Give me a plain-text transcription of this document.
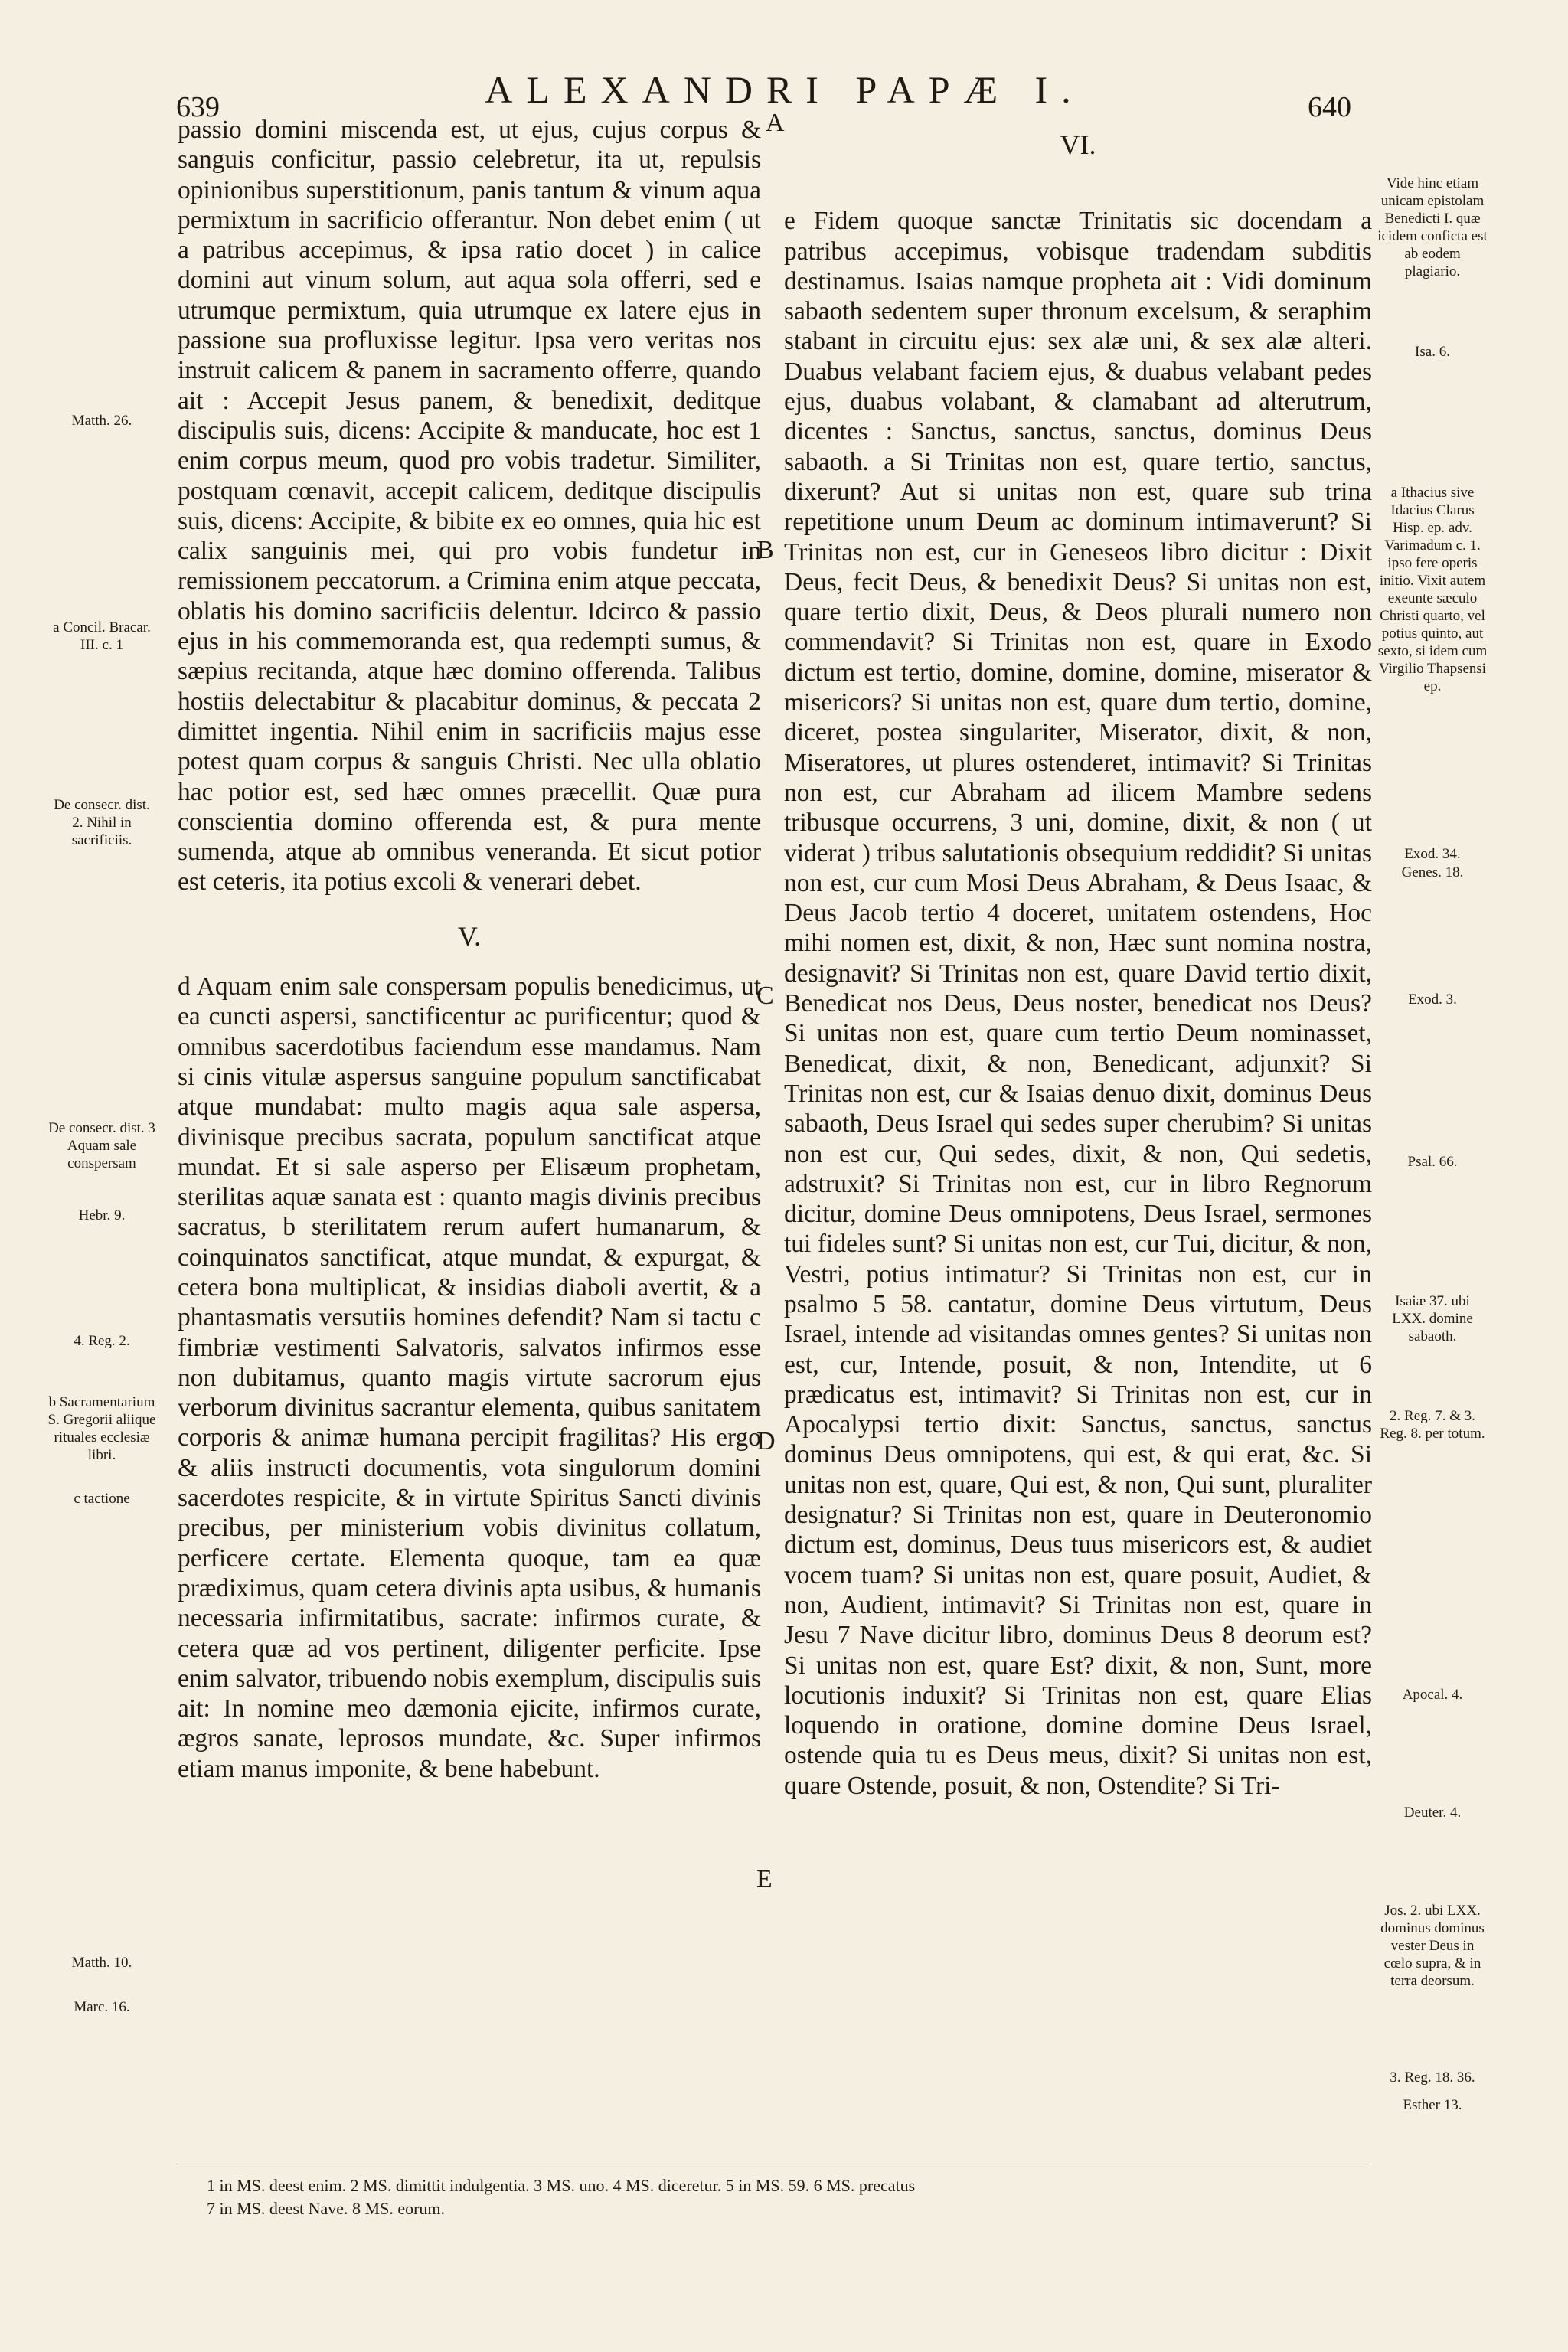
639	ALEXANDRI PAPÆ I.	640

passio domini miscenda est, ut ejus, cujus corpus & sanguis conficitur, passio celebretur, ita ut, repulsis opinionibus superstitionum, panis tantum & vinum aqua permixtum in sacrificio offerantur. Non debet enim ( ut a patribus accepimus, & ipsa ratio docet ) in calice domini aut vinum solum, aut aqua sola offerri, sed e utrumque permixtum, quia utrumque ex latere ejus in passione sua profluxisse legitur. Ipsa vero veritas nos instruit calicem & panem in sacramento offerre, quando ait : Accepit Jesus panem, & benedixit, deditque discipulis suis, dicens: Accipite & manducate, hoc est 1 enim corpus meum, quod pro vobis tradetur. Similiter, postquam cœnavit, accepit calicem, deditque discipulis suis, dicens: Accipite, & bibite ex eo omnes, quia hic est calix sanguinis mei, qui pro vobis fundetur in remissionem peccatorum. a Crimina enim atque peccata, oblatis his domino sacrificiis delentur. Idcirco & passio ejus in his commemoranda est, qua redempti sumus, & sæpius recitanda, atque hæc domino offerenda. Talibus hostiis delectabitur & placabitur dominus, & peccata 2 dimittet ingentia. Nihil enim in sacrificiis majus esse potest quam corpus & sanguis Christi. Nec ulla oblatio hac potior est, sed hæc omnes præcellit. Quæ pura conscientia domino offerenda est, & pura mente sumenda, atque ab omnibus veneranda. Et sicut potior est ceteris, ita potius excoli & venerari debet.

V.

d Aquam enim sale conspersam populis benedicimus, ut ea cuncti aspersi, sanctificentur ac purificentur; quod & omnibus sacerdotibus faciendum esse mandamus. Nam si cinis vitulæ aspersus sanguine populum sanctificabat atque mundabat: multo magis aqua sale aspersa, divinisque precibus sacrata, populum sanctificat atque mundat. Et si sale asperso per Elisæum prophetam, sterilitas aquæ sanata est : quanto magis divinis precibus sacratus, b sterilitatem rerum aufert humanarum, & coinquinatos sanctificat, atque mundat, & expurgat, & cetera bona multiplicat, & insidias diaboli avertit, & a phantasmatis versutiis homines defendit? Nam si tactu c fimbriæ vestimenti Salvatoris, salvatos infirmos esse non dubitamus, quanto magis virtute sacrorum ejus verborum divinitus sacrantur elementa, quibus sanitatem corporis & animæ humana percipit fragilitas? His ergo & aliis instructi documentis, vota singulorum domini sacerdotes respicite, & in virtute Spiritus Sancti divinis precibus, per ministerium vobis divinitus collatum, perficere certate. Elementa quoque, tam ea quæ prædiximus, quam cetera divinis apta usibus, & humanis necessaria infirmitatibus, sacrate: infirmos curate, & cetera quæ ad vos pertinent, diligenter perficite. Ipse enim salvator, tribuendo nobis exemplum, discipulis suis ait: In nomine meo dæmonia ejicite, infirmos curate, ægros sanate, leprosos mundate, &c. Super infirmos etiam manus imponite, & bene habebunt.

VI.

e Fidem quoque sanctæ Trinitatis sic docendam a patribus accepimus, vobisque tradendam subditis destinamus. Isaias namque propheta ait : Vidi dominum sabaoth sedentem super thronum excelsum, & seraphim stabant in circuitu ejus: sex alæ uni, & sex alæ alteri. Duabus velabant faciem ejus, & duabus velabant pedes ejus, duabus volabant, & clamabant ad alterutrum, dicentes : Sanctus, sanctus, sanctus, dominus Deus sabaoth. a Si Trinitas non est, quare tertio, sanctus, dixerunt? Aut si unitas non est, quare sub trina repetitione unum Deum ac dominum intimaverunt? Si Trinitas non est, cur in Geneseos libro dicitur : Dixit Deus, fecit Deus, & benedixit Deus? Si unitas non est, quare tertio dixit, Deus, & Deos plurali numero non commendavit? Si Trinitas non est, quare in Exodo dictum est tertio, domine, domine, domine, miserator & misericors? Si unitas non est, quare dum tertio, domine, diceret, postea singulariter, Miserator, dixit, & non, Miseratores, ut plures ostenderet, intimavit? Si Trinitas non est, cur Abraham ad ilicem Mambre sedens tribusque occurrens, 3 uni, domine, dixit, & non ( ut viderat ) tribus salutationis obsequium reddidit? Si unitas non est, cur cum Mosi Deus Abraham, & Deus Isaac, & Deus Jacob tertio 4 doceret, unitatem ostendens, Hoc mihi nomen est, dixit, & non, Hæc sunt nomina nostra, designavit? Si Trinitas non est, quare David tertio dixit, Benedicat nos Deus, Deus noster, benedicat nos Deus? Si unitas non est, quare cum tertio Deum nominasset, Benedicat, dixit, & non, Benedicant, adjunxit? Si Trinitas non est, cur & Isaias denuo dixit, dominus Deus sabaoth, Deus Israel qui sedes super cherubim? Si unitas non est cur, Qui sedes, dixit, & non, Qui sedetis, adstruxit? Si Trinitas non est, cur in libro Regnorum dicitur, domine Deus omnipotens, Deus Israel, sermones tui fideles sunt? Si unitas non est, cur Tui, dicitur, & non, Vestri, potius intimatur? Si Trinitas non est, cur in psalmo 5 58. cantatur, domine Deus virtutum, Deus Israel, intende ad visitandas omnes gentes? Si unitas non est, cur, Intende, posuit, & non, Intendite, ut 6 prædicatus est, intimavit? Si Trinitas non est, cur in Apocalypsi tertio dixit: Sanctus, sanctus, sanctus dominus Deus omnipotens, qui est, & qui erat, &c. Si unitas non est, quare, Qui est, & non, Qui sunt, pluraliter designatur? Si Trinitas non est, quare in Deuteronomio dictum est, dominus, Deus tuus misericors est, & audiet vocem tuam? Si unitas non est, quare posuit, Audiet, & non, Audient, intimavit? Si Trinitas non est, quare in Jesu 7 Nave dicitur libro, dominus Deus 8 deorum est? Si unitas non est, quare Est? dixit, & non, Sunt, more locutionis induxit? Si Trinitas non est, quare Elias loquendo in oratione, domine domine Deus Israel, ostende quia tu es Deus meus, dixit? Si unitas non est, quare Ostende, posuit, & non, Ostendite? Si Tri-

A
B
C
D
E
Matth. 26.
a Concil. Bracar. III. c. 1
De consecr. dist. 2. Nihil in sacrificiis.
De consecr. dist. 3 Aquam sale conspersam
Hebr. 9.
4. Reg. 2.
b Sacramentarium S. Gregorii aliique rituales ecclesiæ libri.
c tactione
Matth. 10.
Marc. 16.
Vide hinc etiam unicam epistolam Benedicti I. quæ icidem conficta est ab eodem plagiario.
Isa. 6.
a Ithacius sive Idacius Clarus Hisp. ep. adv. Varimadum c. 1. ipso fere operis initio. Vixit autem exeunte sæculo Christi quarto, vel potius quinto, aut sexto, si idem cum Virgilio Thapsensi ep.
Exod. 34.
Genes. 18.
Exod. 3.
Psal. 66.
Isaiæ 37. ubi LXX. domine sabaoth.
2. Reg. 7. & 3. Reg. 8. per totum.
Apocal. 4.
Deuter. 4.
Jos. 2. ubi LXX. dominus dominus vester Deus in cœlo supra, & in terra deorsum.
3. Reg. 18. 36.
Esther 13.
1 in MS. deest enim. 2 MS. dimittit indulgentia. 3 MS. uno. 4 MS. diceretur. 5 in MS. 59. 6 MS. precatus
7 in MS. deest Nave. 8 MS. eorum.
